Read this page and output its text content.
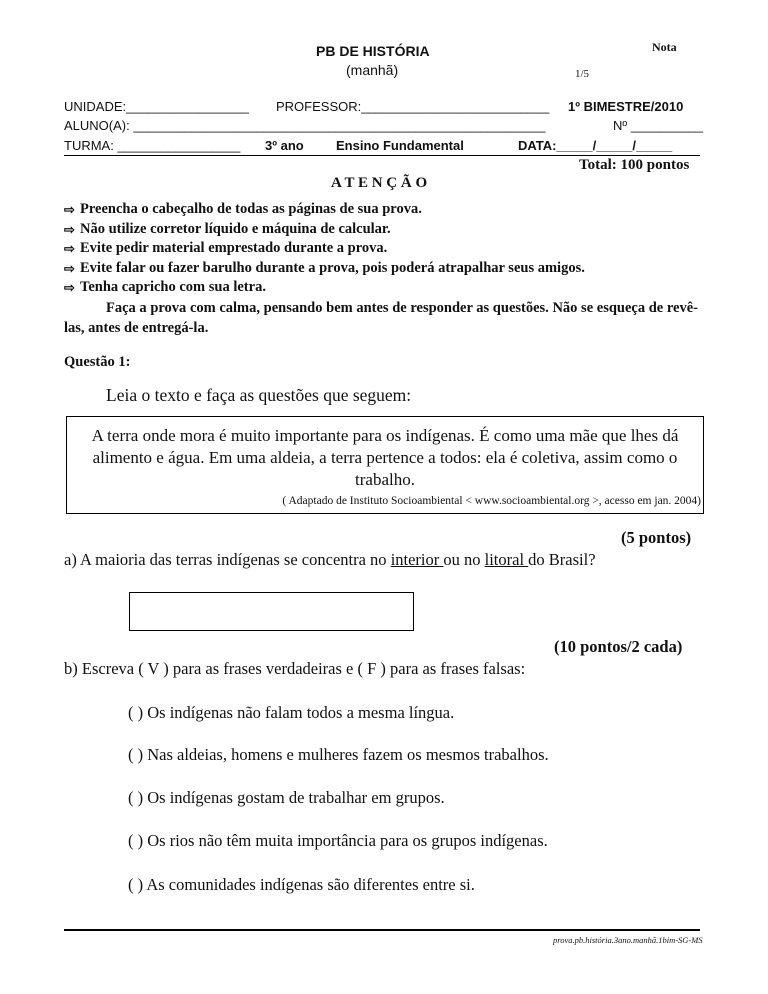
PB DE HISTÓRIA
(manhã)
Nota
1/5
UNIDADE:_________________ PROFESSOR:__________________________ 1º BIMESTRE/2010
ALUNO(A): _________________________________________________________	Nº __________
TURMA: _________________ 3º ano Ensino Fundamental	DATA:_____/_____/_____
Total: 100 pontos
A T E N Ç Ã O
⇨ Preencha o cabeçalho de todas as páginas de sua prova.
⇨ Não utilize corretor líquido e máquina de calcular.
⇨ Evite pedir material emprestado durante a prova.
⇨ Evite falar ou fazer barulho durante a prova, pois poderá atrapalhar seus amigos.
⇨ Tenha capricho com sua letra.
Faça a prova com calma, pensando bem antes de responder as questões. Não se esqueça de revê-las, antes de entregá-la.
Questão 1:
Leia o texto e faça as questões que seguem:
A terra onde mora é muito importante para os indígenas. É como uma mãe que lhes dá alimento e água. Em uma aldeia, a terra pertence a todos: ela é coletiva, assim como o trabalho.
( Adaptado de Instituto Socioambiental < www.socioambiental.org >, acesso em jan. 2004)
(5 pontos)
a) A maioria das terras indígenas se concentra no interior ou no litoral do Brasil?
(10 pontos/2 cada)
b) Escreva ( V ) para as frases verdadeiras e ( F ) para as frases falsas:
( ) Os indígenas não falam todos a mesma língua.
( ) Nas aldeias, homens e mulheres fazem os mesmos trabalhos.
( ) Os indígenas gostam de trabalhar em grupos.
( ) Os rios não têm muita importância para os grupos indígenas.
( ) As comunidades indígenas são diferentes entre si.
prova.pb.história.3ano.manhã.1bim-SG-MS
